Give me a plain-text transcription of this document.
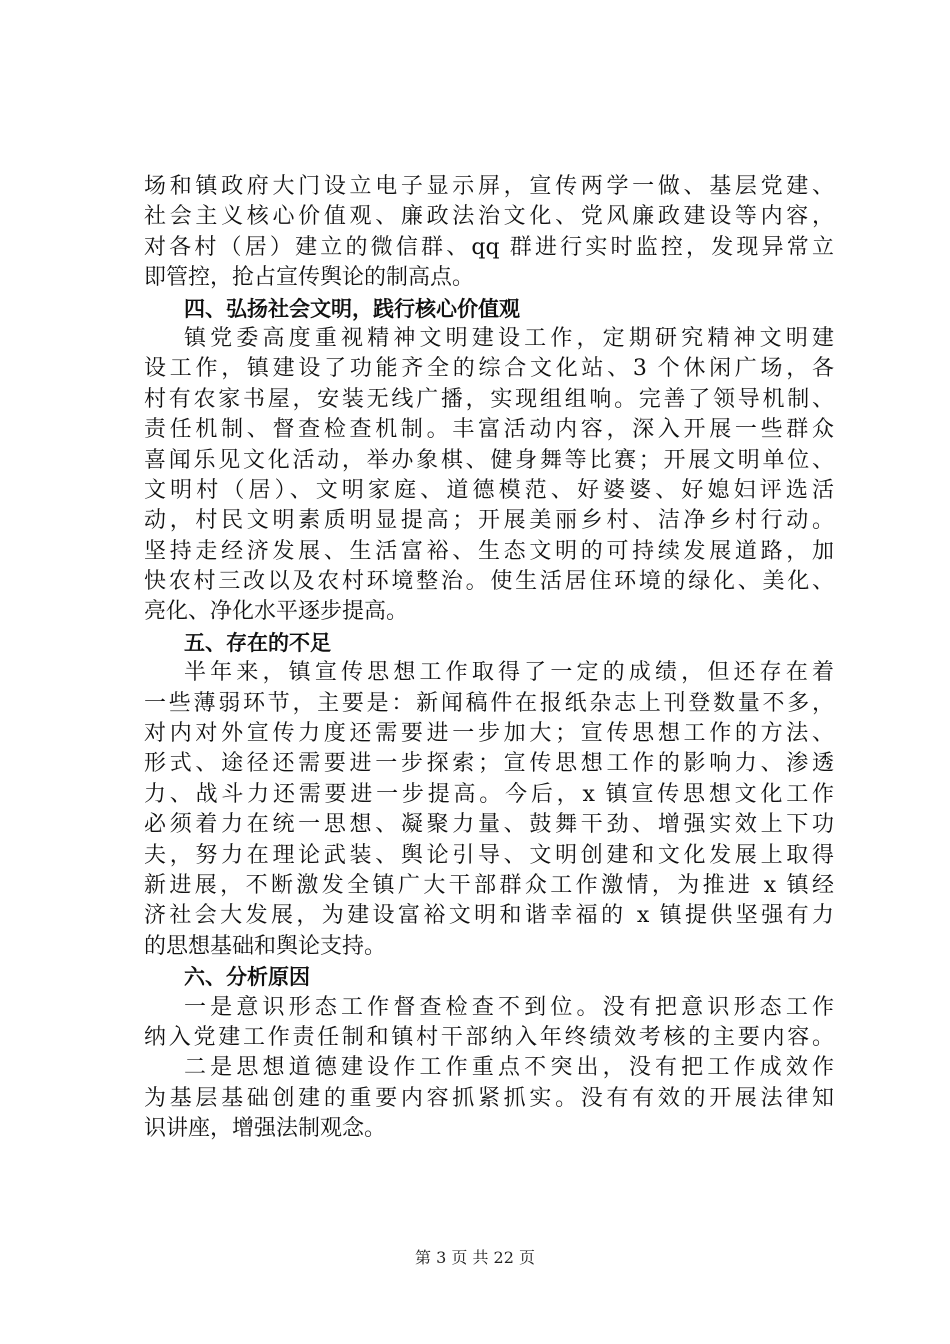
场和镇政府大门设立电子显示屏，宣传两学一做、基层党建、
社会主义核心价值观、廉政法治文化、党风廉政建设等内容，
对各村（居）建立的微信群、qq 群进行实时监控，发现异常立
即管控，抢占宣传舆论的制高点。
四、弘扬社会文明，践行核心价值观
镇党委高度重视精神文明建设工作，定期研究精神文明建
设工作，镇建设了功能齐全的综合文化站、3 个休闲广场，各
村有农家书屋，安装无线广播，实现组组响。完善了领导机制、
责任机制、督查检查机制。丰富活动内容，深入开展一些群众
喜闻乐见文化活动，举办象棋、健身舞等比赛；开展文明单位、
文明村（居）、文明家庭、道德模范、好婆婆、好媳妇评选活
动，村民文明素质明显提高；开展美丽乡村、洁净乡村行动。
坚持走经济发展、生活富裕、生态文明的可持续发展道路，加
快农村三改以及农村环境整治。使生活居住环境的绿化、美化、
亮化、净化水平逐步提高。
五、存在的不足
半年来，镇宣传思想工作取得了一定的成绩，但还存在着
一些薄弱环节，主要是：新闻稿件在报纸杂志上刊登数量不多，
对内对外宣传力度还需要进一步加大；宣传思想工作的方法、
形式、途径还需要进一步探索；宣传思想工作的影响力、渗透
力、战斗力还需要进一步提高。今后，x 镇宣传思想文化工作
必须着力在统一思想、凝聚力量、鼓舞干劲、增强实效上下功
夫，努力在理论武装、舆论引导、文明创建和文化发展上取得
新进展，不断激发全镇广大干部群众工作激情，为推进 x 镇经
济社会大发展，为建设富裕文明和谐幸福的 x 镇提供坚强有力
的思想基础和舆论支持。
六、分析原因
一是意识形态工作督查检查不到位。没有把意识形态工作
纳入党建工作责任制和镇村干部纳入年终绩效考核的主要内容。
二是思想道德建设作工作重点不突出，没有把工作成效作
为基层基础创建的重要内容抓紧抓实。没有有效的开展法律知
识讲座，增强法制观念。
第 3 页 共 22 页
